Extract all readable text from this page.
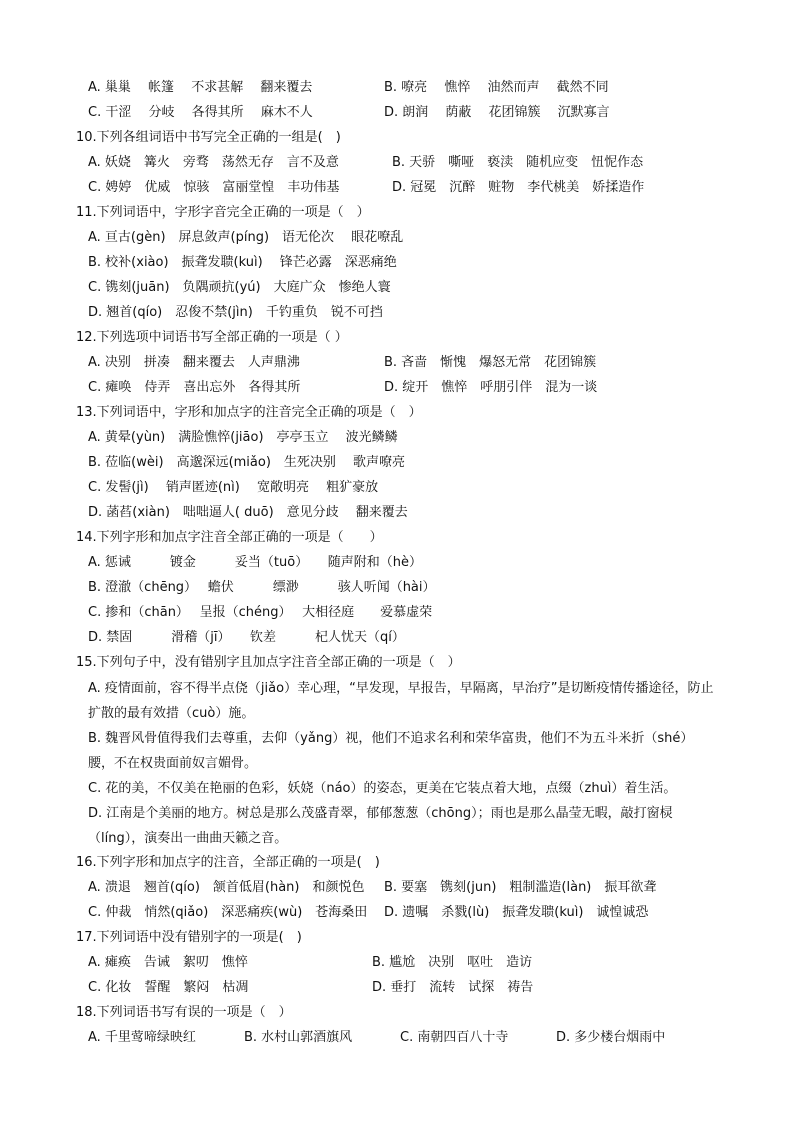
A. 巢巢　 帐篷　 不求甚解　 翻来覆去	B. 嘹亮　 憔悴　 油然而声　 截然不同
C. 干涩　 分岐　 各得其所　 麻木不人	D. 朗润　 荫蔽　 花团锦簇　 沉默寡言
10.下列各组词语中书写完全正确的一组是(　)
A. 妖娆　篝火　旁骛　荡然无存　言不及意	B. 天骄　嘶哑　亵渎　随机应变　忸怩作态
C. 娉婷　优威　惊骇　富丽堂惶　丰功伟基	D. 冠冕　沉醉　赃物　李代桃美　娇揉造作
11.下列词语中，字形字音完全正确的一项是（　）
A. 亘古(gèn)　屏息敛声(píng)　语无伦次　 眼花嘹乱
B. 校补(xiào)　振聋发聩(kuì)　 锋芒必露　深恶痛绝
C. 镌刻(juān)　负隅顽抗(yú)　大庭广众　惨绝人寰
D. 翘首(qío)　忍俊不禁(jìn)　千钓重负　锐不可挡
12.下列选项中词语书写全部正确的一项是（ ）
A. 决别　拼凑　翻来覆去　人声鼎沸	B. 吝啬　惭愧　爆怒无常　花团锦簇
C. 瘫唤　侍弄　喜出忘外　各得其所	D. 绽开　憔悴　呼朋引伴　混为一谈
13.下列词语中，字形和加点字的注音完全正确的项是（　）
A. 黄晕(yùn)　满脸憔悴(jiāo)　亭亭玉立　 波光鳞鳞
B. 莅临(wèi)　高邈深远(miǎo)　生死决别　 歌声嘹亮
C. 发髻(jì)　 销声匿迹(nì)　 宽敞明亮　 粗犷豪放
D. 菡萏(xiàn)　咄咄逼人( duō)　意见分歧　 翻来覆去
14.下列字形和加点字注音全部正确的一项是（　　）
A. 惩诫　　　镀金　　　妥当（tuō）　　随声附和（hè）
B. 澄澈（chēng）　 蟾伏　　　缥渺　　　骇人听闻（hài）
C. 掺和（chān）　 呈报（chéng）　 大相径庭　　爱慕虚荣
D. 禁固　　　滑稽（jī）　　钦差　　　杞人忧天（qí）
15.下列句子中，没有错别字且加点字注音全部正确的一项是（　）
A. 疫情面前，容不得半点侥（jiǎo）幸心理，“早发现，早报告，早隔离，早治疗”是切断疫情传播途径，防止扩散的最有效措（cuò）施。
B. 魏晋风骨值得我们去尊重，去仰（yǎng）视，他们不追求名利和荣华富贵，他们不为五斗米折（shé）腰，不在权贵面前奴言媚骨。
C. 花的美，不仅美在艳丽的色彩，妖娆（náo）的姿态，更美在它装点着大地，点缀（zhuì）着生活。
D. 江南是个美丽的地方。树总是那么茂盛青翠，郁郁葱葱（chōng）；雨也是那么晶莹无暇，敲打窗棂（líng），演奏出一曲曲天籁之音。
16.下列字形和加点字的注音，全部正确的一项是(　)
A. 溃退　翘首(qío)　颔首低眉(hàn)　和颜悦色 B. 要塞　镌刻(jun)　粗制滥造(làn)　振耳欲聋
C. 仲裁　悄然(qiǎo)　深恶痛疾(wù)　苍海桑田 D. 遗嘱　杀戮(lù)　振聋发聩(kuì)　诚惶诚恐
17.下列词语中没有错别字的一项是(　)
A. 瘫痪　告诫　絮叨　憔悴	B. 尴尬　决别　呕吐　造访
C. 化妆　誓醒　繁闷　枯凋	D. 垂打　流转　试探　祷告
18.下列词语书写有误的一项是（　）
A. 千里莺啼绿映红	B. 水村山郭酒旗风	C. 南朝四百八十寺	D. 多少楼台烟雨中
